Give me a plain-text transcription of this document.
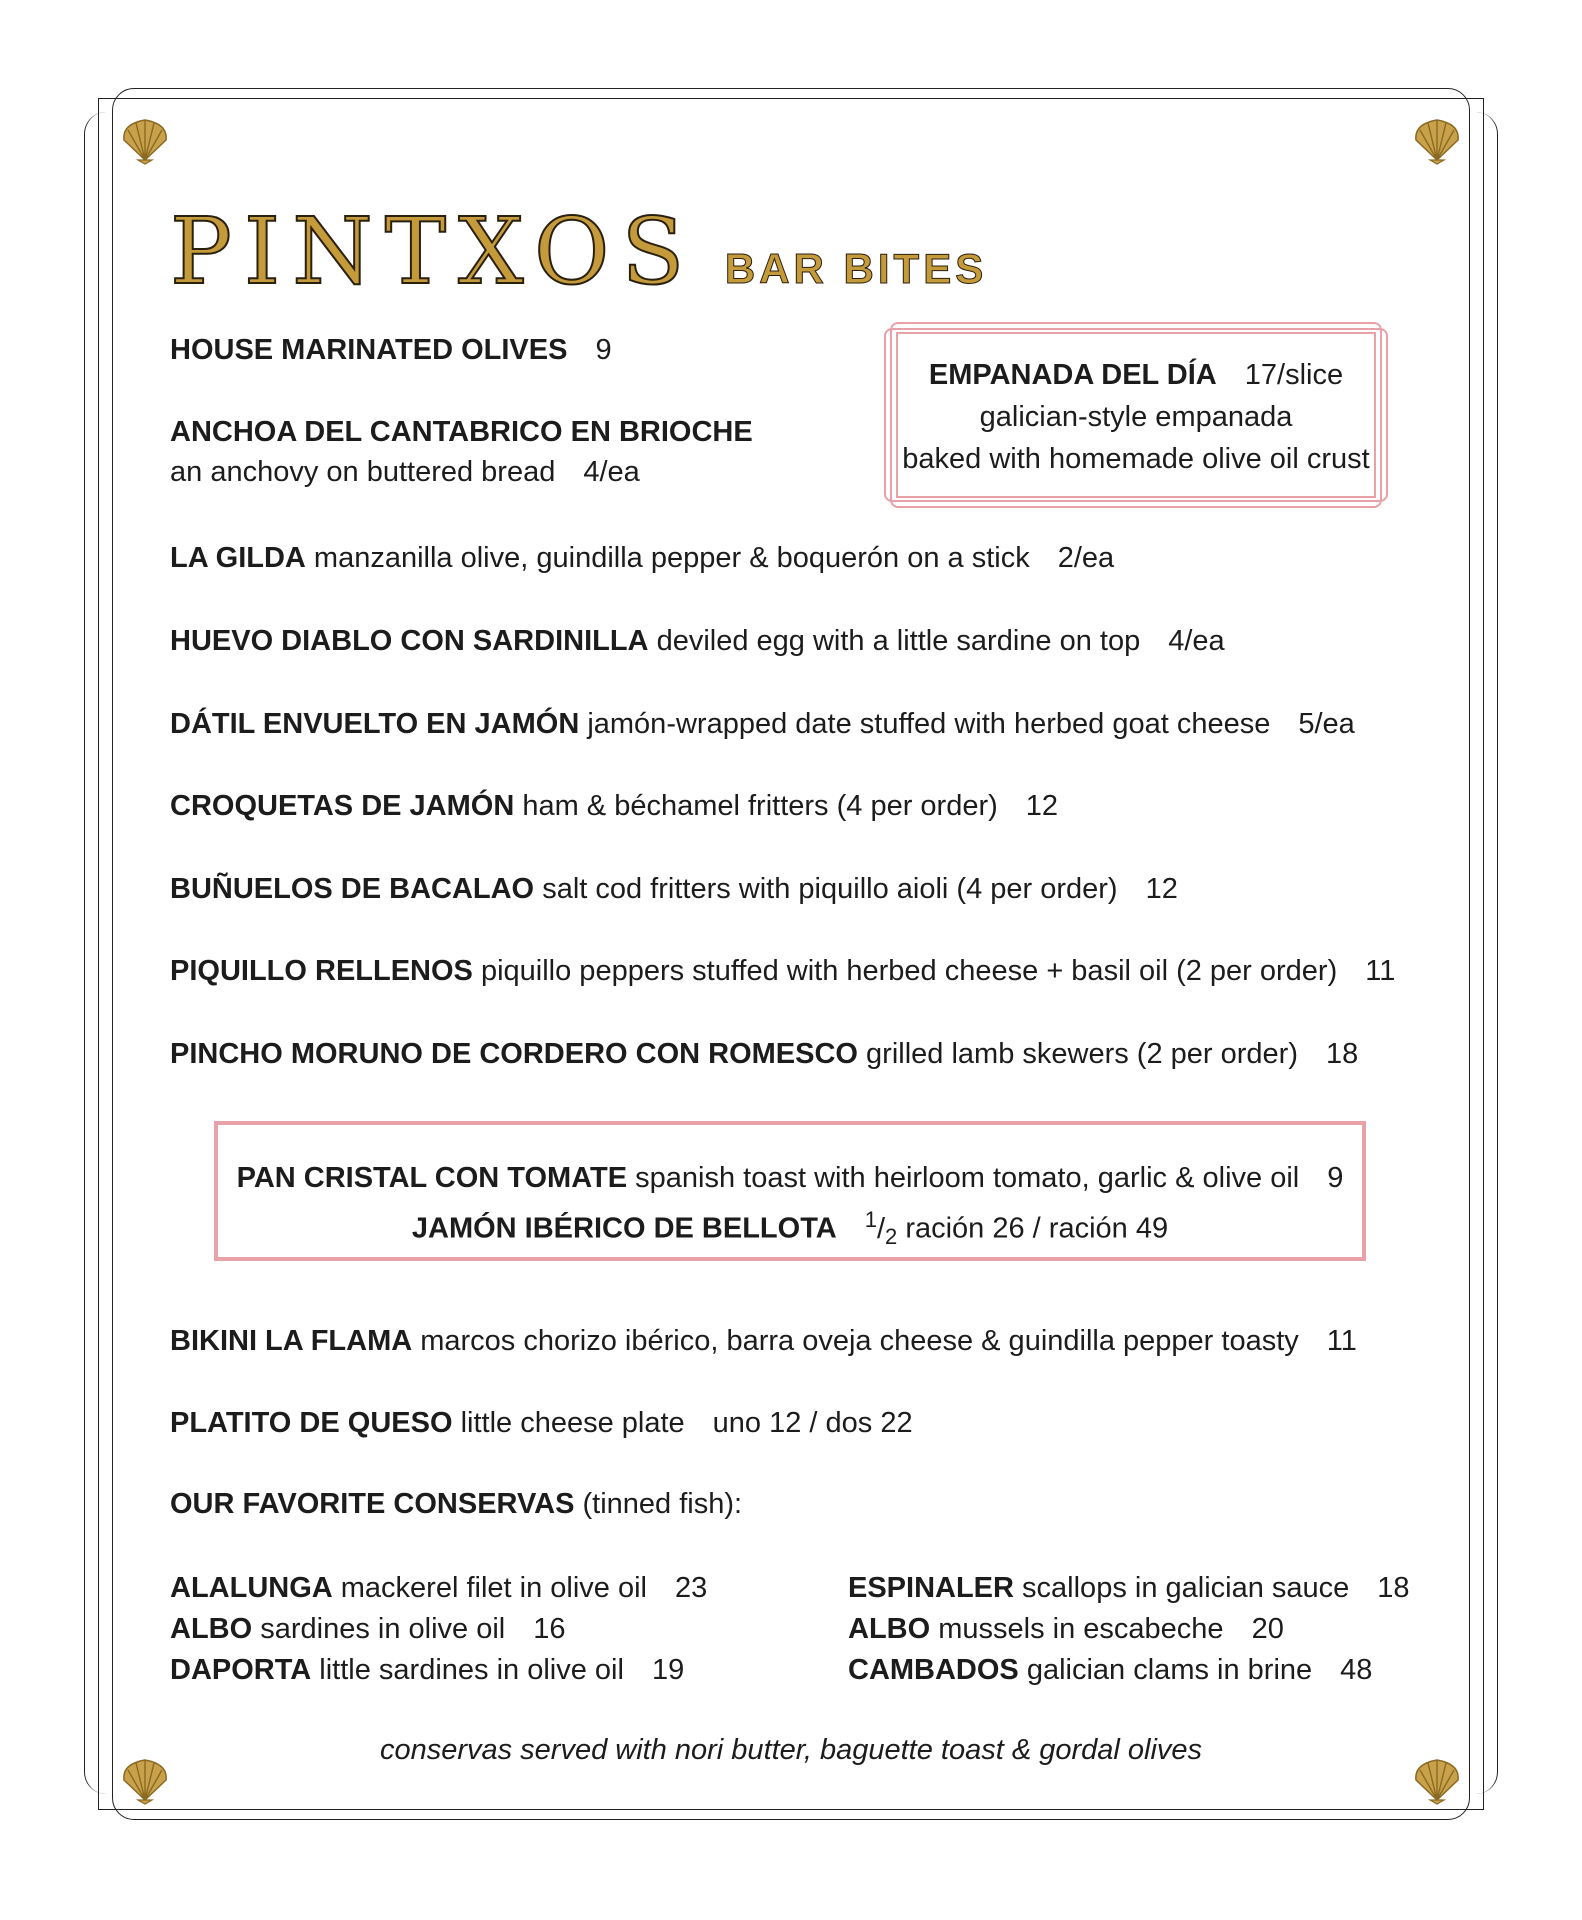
PINTXOS BAR BITES
HOUSE MARINATED OLIVES 9
ANCHOA DEL CANTABRICO EN BRIOCHE
an anchovy on buttered bread 4/ea
EMPANADA DEL DÍA 17/slice
galician-style empanada
baked with homemade olive oil crust
LA GILDA manzanilla olive, guindilla pepper & boquerón on a stick 2/ea
HUEVO DIABLO CON SARDINILLA deviled egg with a little sardine on top 4/ea
DÁTIL ENVUELTO EN JAMÓN jamón-wrapped date stuffed with herbed goat cheese 5/ea
CROQUETAS DE JAMÓN ham & béchamel fritters (4 per order) 12
BUÑUELOS DE BACALAO salt cod fritters with piquillo aioli (4 per order) 12
PIQUILLO RELLENOS piquillo peppers stuffed with herbed cheese + basil oil (2 per order) 11
PINCHO MORUNO DE CORDERO CON ROMESCO grilled lamb skewers (2 per order) 18
PAN CRISTAL CON TOMATE spanish toast with heirloom tomato, garlic & olive oil 9
JAMÓN IBÉRICO DE BELLOTA $^1/_2$ ración 26 / ración 49
BIKINI LA FLAMA marcos chorizo ibérico, barra oveja cheese & guindilla pepper toasty 11
PLATITO DE QUESO little cheese plate uno 12 / dos 22
OUR FAVORITE CONSERVAS (tinned fish):
ALALUNGA mackerel filet in olive oil 23
ALBO sardines in olive oil 16
DAPORTA little sardines in olive oil 19
ESPINALER scallops in galician sauce 18
ALBO mussels in escabeche 20
CAMBADOS galician clams in brine 48
conservas served with nori butter, baguette toast & gordal olives
